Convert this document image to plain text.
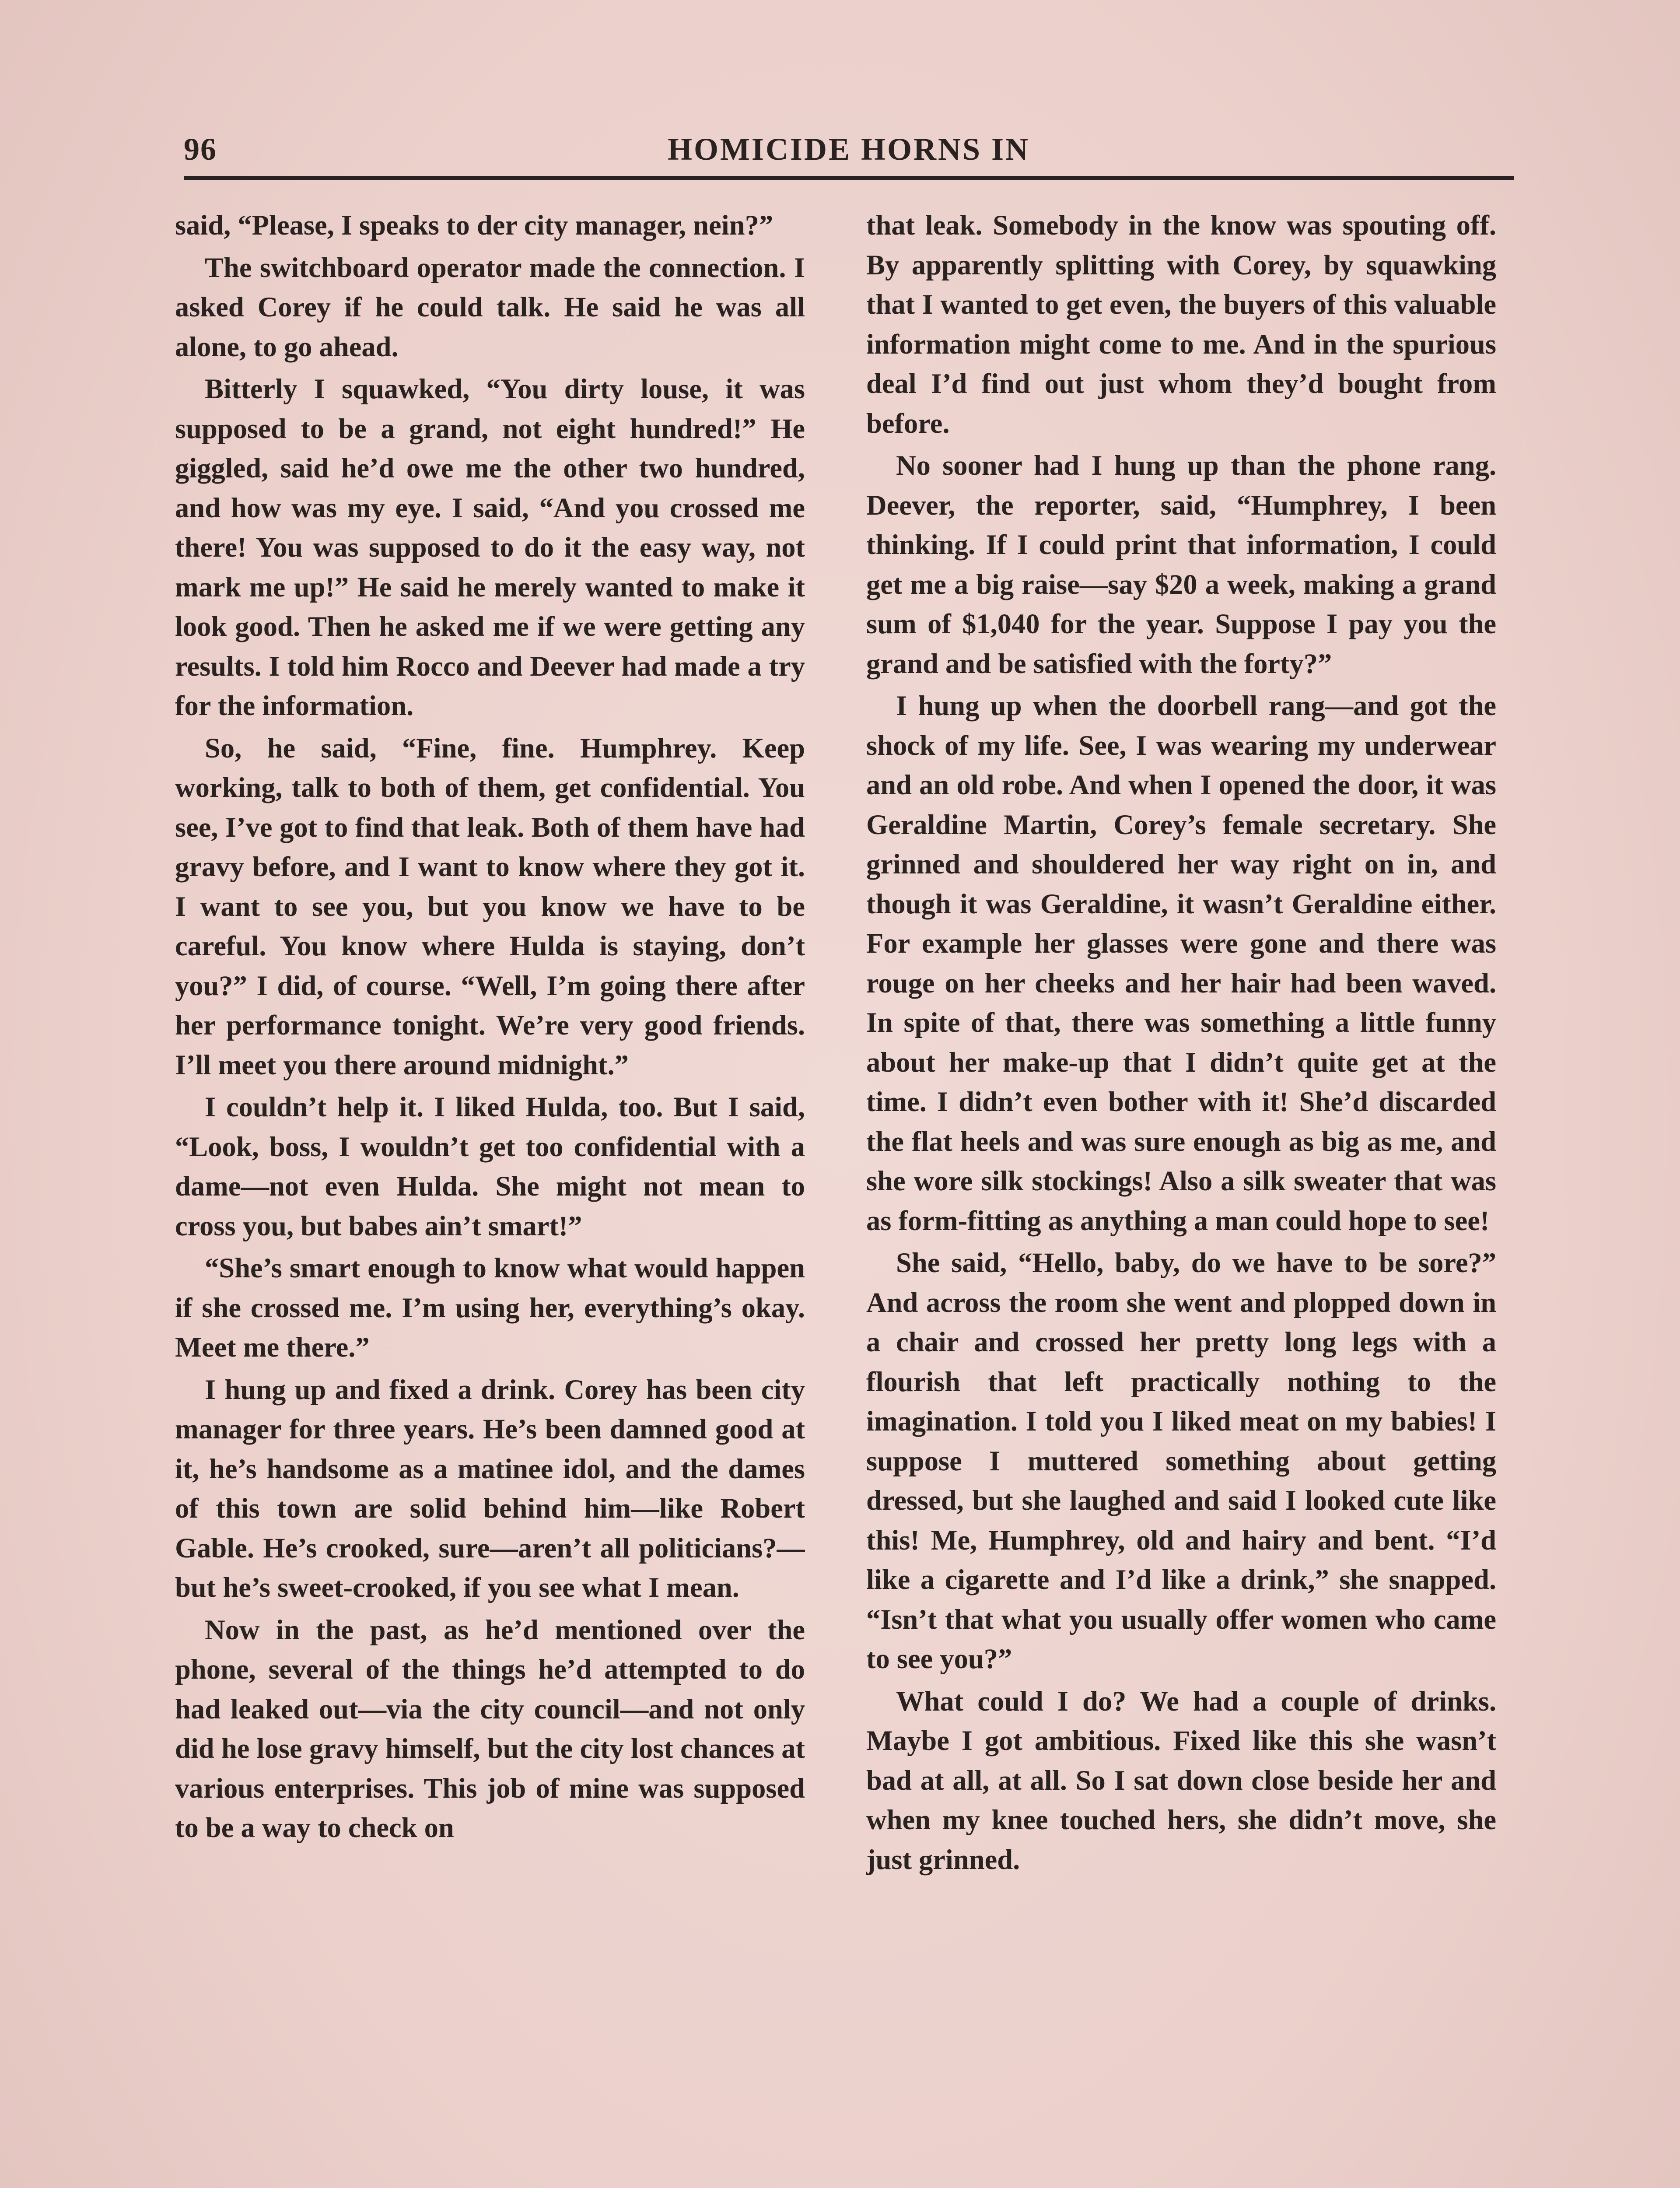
96	HOMICIDE HORNS IN

said, “Please, I speaks to der city manager, nein?”

The switchboard operator made the connection. I asked Corey if he could talk. He said he was all alone, to go ahead.

Bitterly I squawked, “You dirty louse, it was supposed to be a grand, not eight hundred!” He giggled, said he’d owe me the other two hundred, and how was my eye. I said, “And you crossed me there! You was supposed to do it the easy way, not mark me up!” He said he merely wanted to make it look good. Then he asked me if we were getting any results. I told him Rocco and Deever had made a try for the information.

So, he said, “Fine, fine. Humphrey. Keep working, talk to both of them, get confidential. You see, I’ve got to find that leak. Both of them have had gravy before, and I want to know where they got it. I want to see you, but you know we have to be careful. You know where Hulda is staying, don’t you?” I did, of course. “Well, I’m going there after her performance tonight. We’re very good friends. I’ll meet you there around midnight.”

I couldn’t help it. I liked Hulda, too. But I said, “Look, boss, I wouldn’t get too confidential with a dame—not even Hulda. She might not mean to cross you, but babes ain’t smart!”

“She’s smart enough to know what would happen if she crossed me. I’m using her, everything’s okay. Meet me there.”

I hung up and fixed a drink. Corey has been city manager for three years. He’s been damned good at it, he’s handsome as a matinee idol, and the dames of this town are solid behind him—like Robert Gable. He’s crooked, sure—aren’t all politicians?—but he’s sweet-crooked, if you see what I mean.

Now in the past, as he’d mentioned over the phone, several of the things he’d attempted to do had leaked out—via the city council—and not only did he lose gravy himself, but the city lost chances at various enterprises. This job of mine was supposed to be a way to check on

that leak. Somebody in the know was spouting off. By apparently splitting with Corey, by squawking that I wanted to get even, the buyers of this valuable information might come to me. And in the spurious deal I’d find out just whom they’d bought from before.

No sooner had I hung up than the phone rang. Deever, the reporter, said, “Humphrey, I been thinking. If I could print that information, I could get me a big raise—say $20 a week, making a grand sum of $1,040 for the year. Suppose I pay you the grand and be satisfied with the forty?”

I hung up when the doorbell rang—and got the shock of my life. See, I was wearing my underwear and an old robe. And when I opened the door, it was Geraldine Martin, Corey’s female secretary. She grinned and shouldered her way right on in, and though it was Geraldine, it wasn’t Geraldine either. For example her glasses were gone and there was rouge on her cheeks and her hair had been waved. In spite of that, there was something a little funny about her make-up that I didn’t quite get at the time. I didn’t even bother with it! She’d discarded the flat heels and was sure enough as big as me, and she wore silk stockings! Also a silk sweater that was as form-fitting as anything a man could hope to see!

She said, “Hello, baby, do we have to be sore?” And across the room she went and plopped down in a chair and crossed her pretty long legs with a flourish that left practically nothing to the imagination. I told you I liked meat on my babies! I suppose I muttered something about getting dressed, but she laughed and said I looked cute like this! Me, Humphrey, old and hairy and bent. “I’d like a cigarette and I’d like a drink,” she snapped. “Isn’t that what you usually offer women who came to see you?”

What could I do? We had a couple of drinks. Maybe I got ambitious. Fixed like this she wasn’t bad at all, at all. So I sat down close beside her and when my knee touched hers, she didn’t move, she just grinned.
